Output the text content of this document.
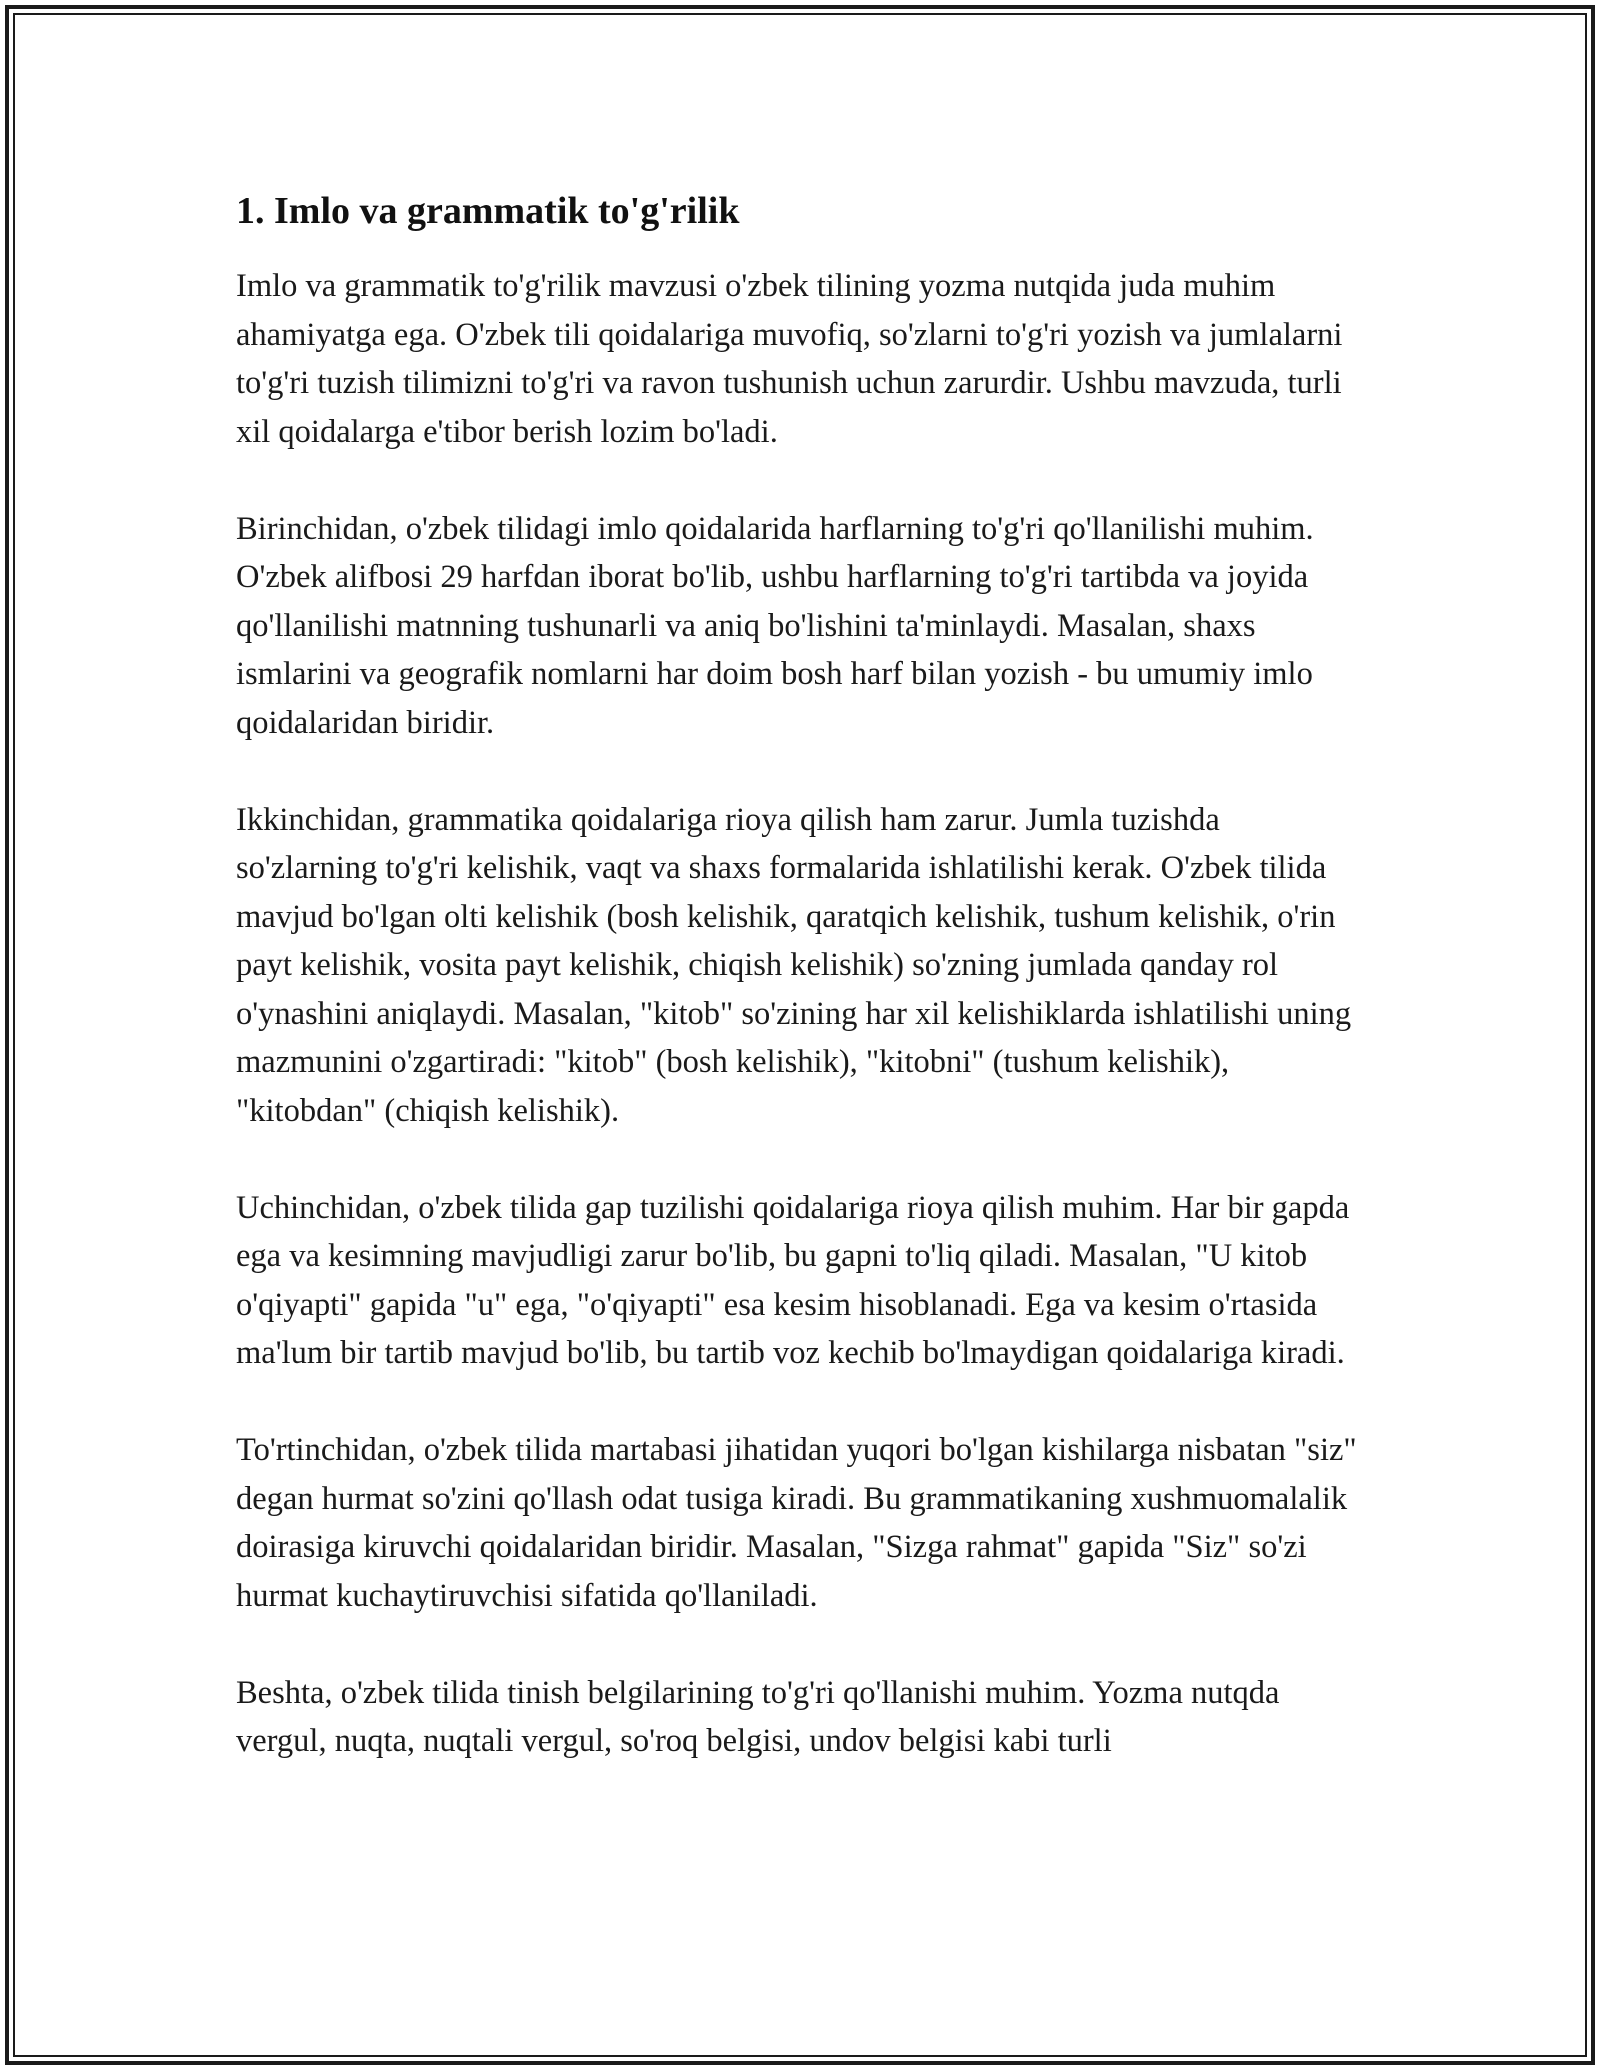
1. Imlo va grammatik to'g'rilik

Imlo va grammatik to'g'rilik mavzusi o'zbek tilining yozma nutqida juda muhim ahamiyatga ega. O'zbek tili qoidalariga muvofiq, so'zlarni to'g'ri yozish va jumlalarni to'g'ri tuzish tilimizni to'g'ri va ravon tushunish uchun zarurdir. Ushbu mavzuda, turli xil qoidalarga e'tibor berish lozim bo'ladi.

Birinchidan, o'zbek tilidagi imlo qoidalarida harflarning to'g'ri qo'llanilishi muhim. O'zbek alifbosi 29 harfdan iborat bo'lib, ushbu harflarning to'g'ri tartibda va joyida qo'llanilishi matnning tushunarli va aniq bo'lishini ta'minlaydi. Masalan, shaxs ismlarini va geografik nomlarni har doim bosh harf bilan yozish - bu umumiy imlo qoidalaridan biridir.

Ikkinchidan, grammatika qoidalariga rioya qilish ham zarur. Jumla tuzishda so'zlarning to'g'ri kelishik, vaqt va shaxs formalarida ishlatilishi kerak. O'zbek tilida mavjud bo'lgan olti kelishik (bosh kelishik, qaratqich kelishik, tushum kelishik, o'rin payt kelishik, vosita payt kelishik, chiqish kelishik) so'zning jumlada qanday rol o'ynashini aniqlaydi. Masalan, "kitob" so'zining har xil kelishiklarda ishlatilishi uning mazmunini o'zgartiradi: "kitob" (bosh kelishik), "kitobni" (tushum kelishik), "kitobdan" (chiqish kelishik).

Uchinchidan, o'zbek tilida gap tuzilishi qoidalariga rioya qilish muhim. Har bir gapda ega va kesimning mavjudligi zarur bo'lib, bu gapni to'liq qiladi. Masalan, "U kitob o'qiyapti" gapida "u" ega, "o'qiyapti" esa kesim hisoblanadi. Ega va kesim o'rtasida ma'lum bir tartib mavjud bo'lib, bu tartib voz kechib bo'lmaydigan qoidalariga kiradi.

To'rtinchidan, o'zbek tilida martabasi jihatidan yuqori bo'lgan kishilarga nisbatan "siz" degan hurmat so'zini qo'llash odat tusiga kiradi. Bu grammatikaning xushmuomalalik doirasiga kiruvchi qoidalaridan biridir. Masalan, "Sizga rahmat" gapida "Siz" so'zi hurmat kuchaytiruvchisi sifatida qo'llaniladi.

Beshta, o'zbek tilida tinish belgilarining to'g'ri qo'llanishi muhim. Yozma nutqda vergul, nuqta, nuqtali vergul, so'roq belgisi, undov belgisi kabi turli
